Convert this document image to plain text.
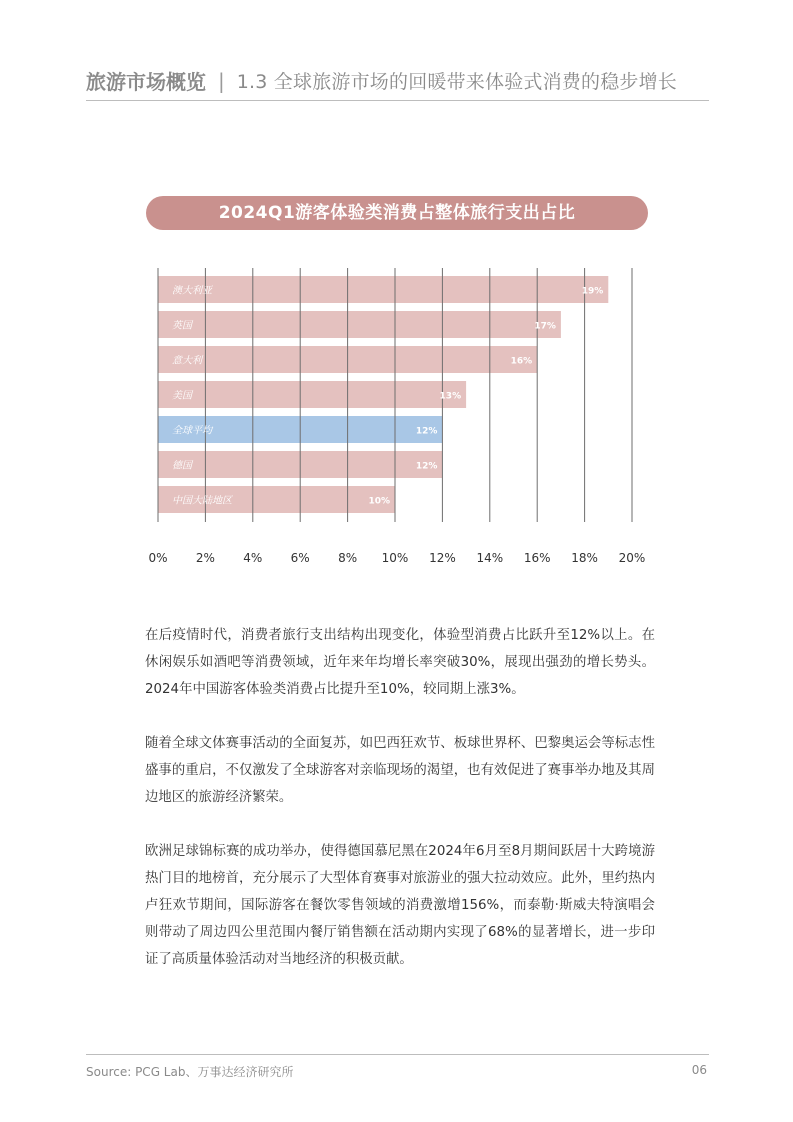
旅游市场概览 | 1.3 全球旅游市场的回暖带来体验式消费的稳步增长
2024Q1游客体验类消费占整体旅行支出占比
澳大利亚	19%
英国	17%
意大利	16%
美国	13%
全球平均	12%
德国	12%
中国大陆地区	10%
0% 2% 4% 6% 8% 10% 12% 14% 16% 18% 20%
在后疫情时代，消费者旅行支出结构出现变化，体验型消费占比跃升至12%以上。在休闲娱乐如酒吧等消费领域，近年来年均增长率突破30%，展现出强劲的增长势头。2024年中国游客体验类消费占比提升至10%，较同期上涨3%。
随着全球文体赛事活动的全面复苏，如巴西狂欢节、板球世界杯、巴黎奥运会等标志性盛事的重启，不仅激发了全球游客对亲临现场的渴望，也有效促进了赛事举办地及其周边地区的旅游经济繁荣。
欧洲足球锦标赛的成功举办，使得德国慕尼黑在2024年6月至8月期间跃居十大跨境游热门目的地榜首，充分展示了大型体育赛事对旅游业的强大拉动效应。此外，里约热内卢狂欢节期间，国际游客在餐饮零售领域的消费激增156%，而泰勒·斯威夫特演唱会则带动了周边四公里范围内餐厅销售额在活动期内实现了68%的显著增长，进一步印证了高质量体验活动对当地经济的积极贡献。
Source: PCG Lab、万事达经济研究所	06
